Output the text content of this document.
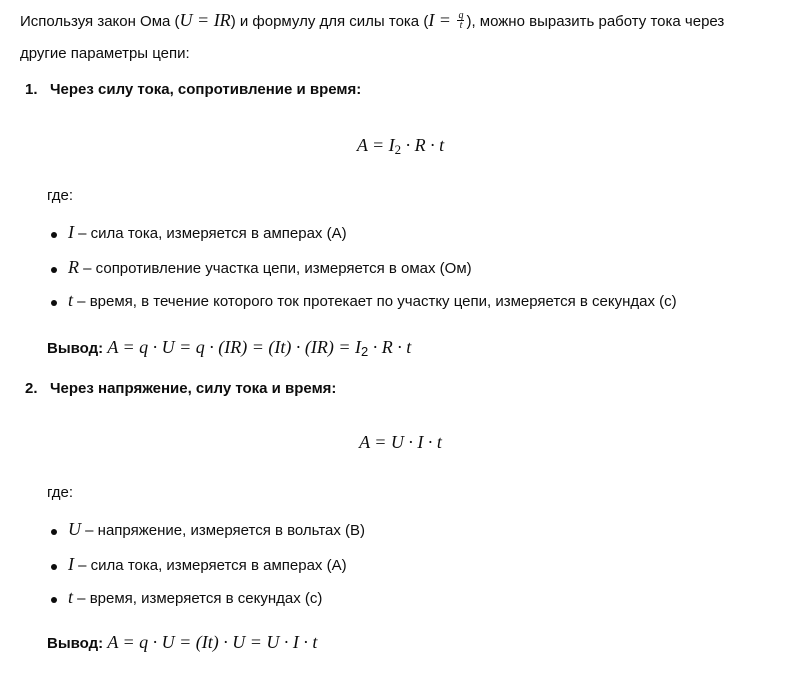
Используя закон Ома (U = IR) и формулу для силы тока ($I = \frac{q}{t}$ ), можно выразить работу тока через
другие параметры цепи:
1. Через силу тока, сопротивление и время:
A = I2 · R · t
где:
I – сила тока, измеряется в амперах (А)
R – сопротивление участка цепи, измеряется в омах (Ом)
t – время, в течение которого ток протекает по участку цепи, измеряется в секундах (с)
Вывод: A = q · U = q · (IR) = (It) · (IR) = I2 · R · t
2. Через напряжение, силу тока и время:
A = U · I · t
где:
U – напряжение, измеряется в вольтах (В)
I – сила тока, измеряется в амперах (А)
t – время, измеряется в секундах (с)
Вывод: A = q · U = (It) · U = U · I · t
